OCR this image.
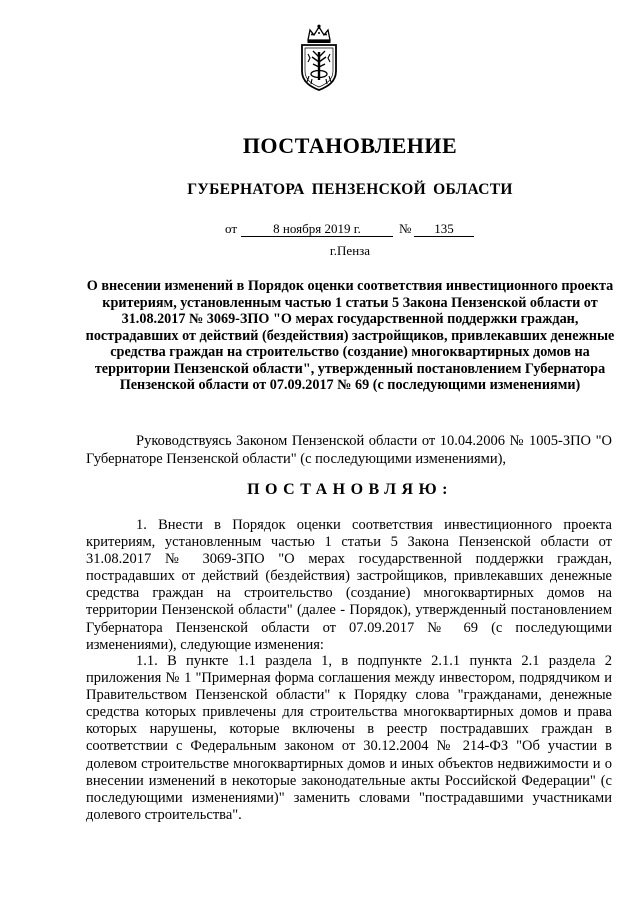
ПОСТАНОВЛЕНИЕ
ГУБЕРНАТОРА ПЕНЗЕНСКОЙ ОБЛАСТИ
от	8 ноября 2019 г.	№	135
г.Пенза
О внесении изменений в Порядок оценки соответствия инвестиционного проекта критериям, установленным частью 1 статьи 5 Закона Пензенской области от 31.08.2017 № 3069-ЗПО "О мерах государственной поддержки граждан, пострадавших от действий (бездействия) застройщиков, привлекавших денежные средства граждан на строительство (создание) многоквартирных домов на территории Пензенской области", утвержденный постановлением Губернатора Пензенской области от 07.09.2017 № 69 (с последующими изменениями)
Руководствуясь Законом Пензенской области от 10.04.2006 № 1005-ЗПО "О Губернаторе Пензенской области" (с последующими изменениями),
ПОСТАНОВЛЯЮ:
1. Внести в Порядок оценки соответствия инвестиционного проекта критериям, установленным частью 1 статьи 5 Закона Пензенской области от 31.08.2017 № 3069-ЗПО "О мерах государственной поддержки граждан, пострадавших от действий (бездействия) застройщиков, привлекавших денежные средства граждан на строительство (создание) многоквартирных домов на территории Пензенской области" (далее - Порядок), утвержденный постановлением Губернатора Пензенской области от 07.09.2017 № 69 (с последующими изменениями), следующие изменения:
1.1. В пункте 1.1 раздела 1, в подпункте 2.1.1 пункта 2.1 раздела 2 приложения № 1 "Примерная форма соглашения между инвестором, подрядчиком и Правительством Пензенской области" к Порядку слова "гражданами, денежные средства которых привлечены для строительства многоквартирных домов и права которых нарушены, которые включены в реестр пострадавших граждан в соответствии с Федеральным законом от 30.12.2004 № 214-ФЗ "Об участии в долевом строительстве многоквартирных домов и иных объектов недвижимости и о внесении изменений в некоторые законодательные акты Российской Федерации" (с последующими изменениями)" заменить словами "пострадавшими участниками долевого строительства".
